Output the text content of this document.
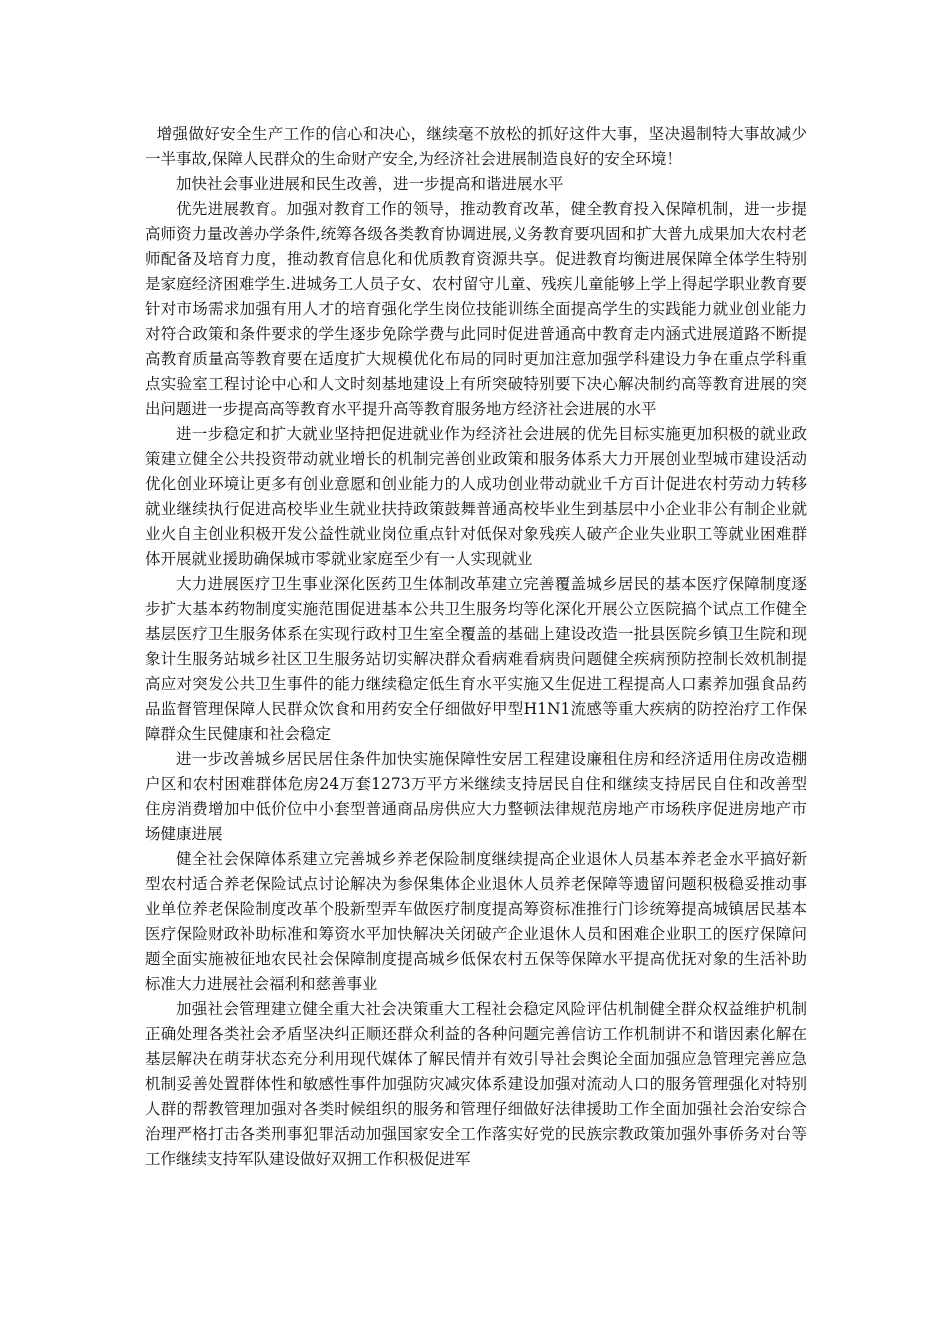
增强做好安全生产工作的信心和决心，继续毫不放松的抓好这件大事，坚决遏制特大事故减少一半事故,保障人民群众的生命财产安全,为经济社会进展制造良好的安全环境！

加快社会事业进展和民生改善，进一步提高和谐进展水平

优先进展教育。加强对教育工作的领导，推动教育改革，健全教育投入保障机制，进一步提高师资力量改善办学条件,统筹各级各类教育协调进展,义务教育要巩固和扩大普九成果加大农村老师配备及培育力度，推动教育信息化和优质教育资源共享。促进教育均衡进展保障全体学生特别是家庭经济困难学生.进城务工人员子女、农村留守儿童、残疾儿童能够上学上得起学职业教育要针对市场需求加强有用人才的培育强化学生岗位技能训练全面提高学生的实践能力就业创业能力对符合政策和条件要求的学生逐步免除学费与此同时促进普通高中教育走内涵式进展道路不断提高教育质量高等教育要在适度扩大规模优化布局的同时更加注意加强学科建设力争在重点学科重点实验室工程讨论中心和人文时刻基地建设上有所突破特别要下决心解决制约高等教育进展的突出问题进一步提高高等教育水平提升高等教育服务地方经济社会进展的水平

进一步稳定和扩大就业坚持把促进就业作为经济社会进展的优先目标实施更加积极的就业政策建立健全公共投资带动就业增长的机制完善创业政策和服务体系大力开展创业型城市建设活动优化创业环境让更多有创业意愿和创业能力的人成功创业带动就业千方百计促进农村劳动力转移就业继续执行促进高校毕业生就业扶持政策鼓舞普通高校毕业生到基层中小企业非公有制企业就业火自主创业积极开发公益性就业岗位重点针对低保对象残疾人破产企业失业职工等就业困难群体开展就业援助确保城市零就业家庭至少有一人实现就业

大力进展医疗卫生事业深化医药卫生体制改革建立完善覆盖城乡居民的基本医疗保障制度逐步扩大基本药物制度实施范围促进基本公共卫生服务均等化深化开展公立医院搞个试点工作健全基层医疗卫生服务体系在实现行政村卫生室全覆盖的基础上建设改造一批县医院乡镇卫生院和现象计生服务站城乡社区卫生服务站切实解决群众看病难看病贵问题健全疾病预防控制长效机制提高应对突发公共卫生事件的能力继续稳定低生育水平实施又生促进工程提高人口素养加强食品药品监督管理保障人民群众饮食和用药安全仔细做好甲型H1N1流感等重大疾病的防控治疗工作保障群众生民健康和社会稳定

进一步改善城乡居民居住条件加快实施保障性安居工程建设廉租住房和经济适用住房改造棚户区和农村困难群体危房24万套1273万平方米继续支持居民自住和继续支持居民自住和改善型住房消费增加中低价位中小套型普通商品房供应大力整顿法律规范房地产市场秩序促进房地产市场健康进展

健全社会保障体系建立完善城乡养老保险制度继续提高企业退休人员基本养老金水平搞好新型农村适合养老保险试点讨论解决为参保集体企业退休人员养老保障等遗留问题积极稳妥推动事业单位养老保险制度改革个股新型弄车做医疗制度提高筹资标准推行门诊统筹提高城镇居民基本医疗保险财政补助标准和筹资水平加快解决关闭破产企业退休人员和困难企业职工的医疗保障问题全面实施被征地农民社会保障制度提高城乡低保农村五保等保障水平提高优抚对象的生活补助标准大力进展社会福利和慈善事业

加强社会管理建立健全重大社会决策重大工程社会稳定风险评估机制健全群众权益维护机制正确处理各类社会矛盾坚决纠正顺还群众利益的各种问题完善信访工作机制讲不和谐因素化解在基层解决在萌芽状态充分利用现代媒体了解民情并有效引导社会舆论全面加强应急管理完善应急机制妥善处置群体性和敏感性事件加强防灾减灾体系建设加强对流动人口的服务管理强化对特别人群的帮教管理加强对各类时候组织的服务和管理仔细做好法律援助工作全面加强社会治安综合治理严格打击各类刑事犯罪活动加强国家安全工作落实好党的民族宗教政策加强外事侨务对台等工作继续支持军队建设做好双拥工作积极促进军
